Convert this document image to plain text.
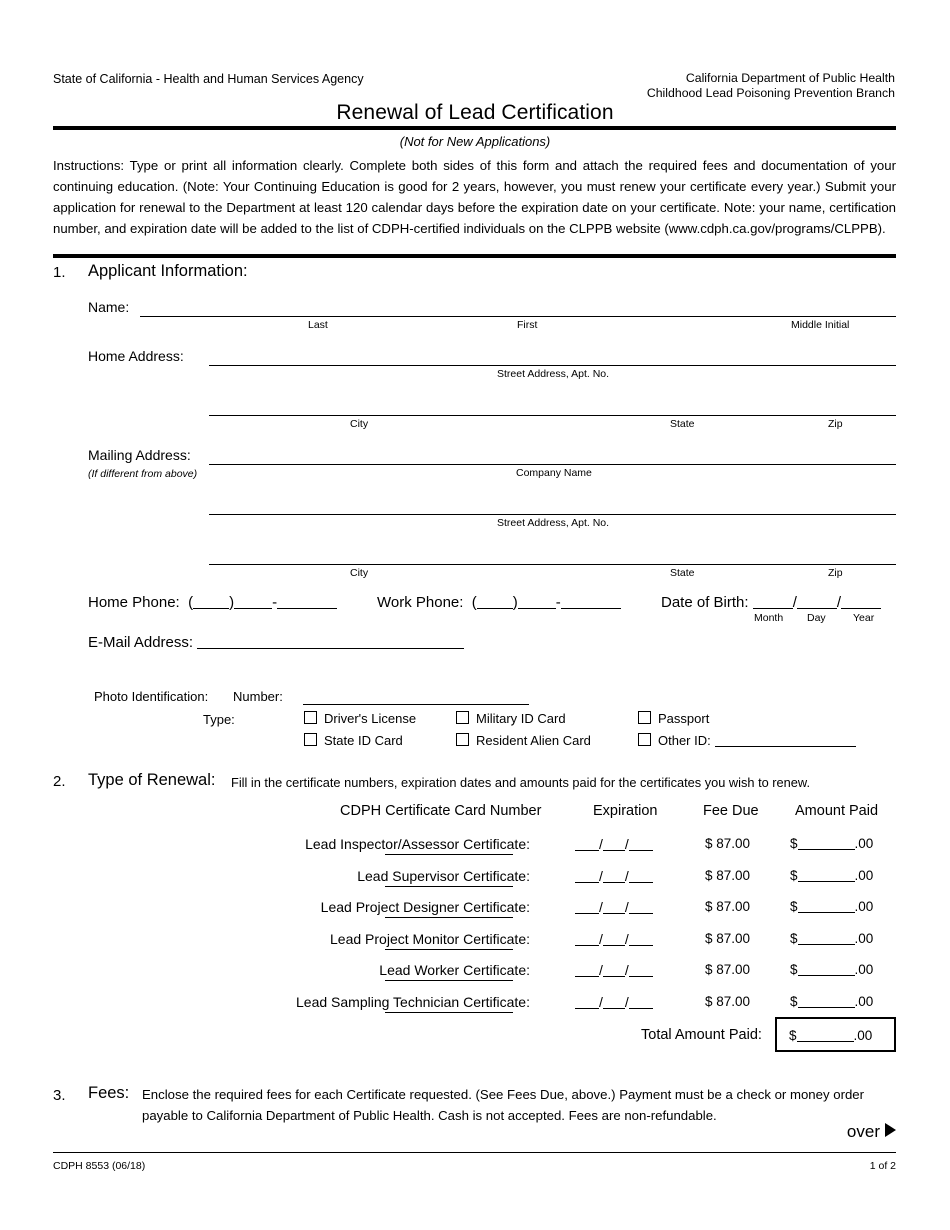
State of California - Health and Human Services Agency	California Department of Public Health
Childhood Lead Poisoning Prevention Branch
Renewal of Lead Certification
(Not for New Applications)
Instructions: Type or print all information clearly. Complete both sides of this form and attach the required fees and documentation of your continuing education. (Note: Your Continuing Education is good for 2 years, however, you must renew your certificate every year.) Submit your application for renewal to the Department at least 120 calendar days before the expiration date on your certificate. Note: your name, certification number, and expiration date will be added to the list of CDPH-certified individuals on the CLPPB website (www.cdph.ca.gov/programs/CLPPB).
1. Applicant Information:
Name:
Last	First	Middle Initial
Home Address:
Street Address, Apt. No.
City	State	Zip
Mailing Address:
(If different from above)	Company Name
Street Address, Apt. No.
City	State	Zip
Home Phone:  ( )	-	Work Phone:  ( )	-	Date of Birth:	/	/
Month Day	Year
E-Mail Address:
Photo Identification: Number:
Type:	Driver's License	Military ID Card	Passport
State ID Card	Resident Alien Card	Other ID:
2. Type of Renewal: Fill in the certificate numbers, expiration dates and amounts paid for the certificates you wish to renew.
CDPH Certificate Card Number	Expiration	Fee Due	Amount Paid
Lead Inspector/Assessor Certificate:	/ /	$ 87.00	$	.00
Lead Supervisor Certificate:	/ /	$ 87.00	$	.00
Lead Project Designer Certificate:	/ /	$ 87.00	$	.00
Lead Project Monitor Certificate:	/ /	$ 87.00	$	.00
Lead Worker Certificate:	/ /	$ 87.00	$	.00
Lead Sampling Technician Certificate:	/ /	$ 87.00	$	.00
Total Amount Paid: $	.00
3. Fees: Enclose the required fees for each Certificate requested. (See Fees Due, above.) Payment must be a check or money order payable to California Department of Public Health. Cash is not accepted. Fees are non-refundable.
over
CDPH 8553 (06/18)	1 of 2
